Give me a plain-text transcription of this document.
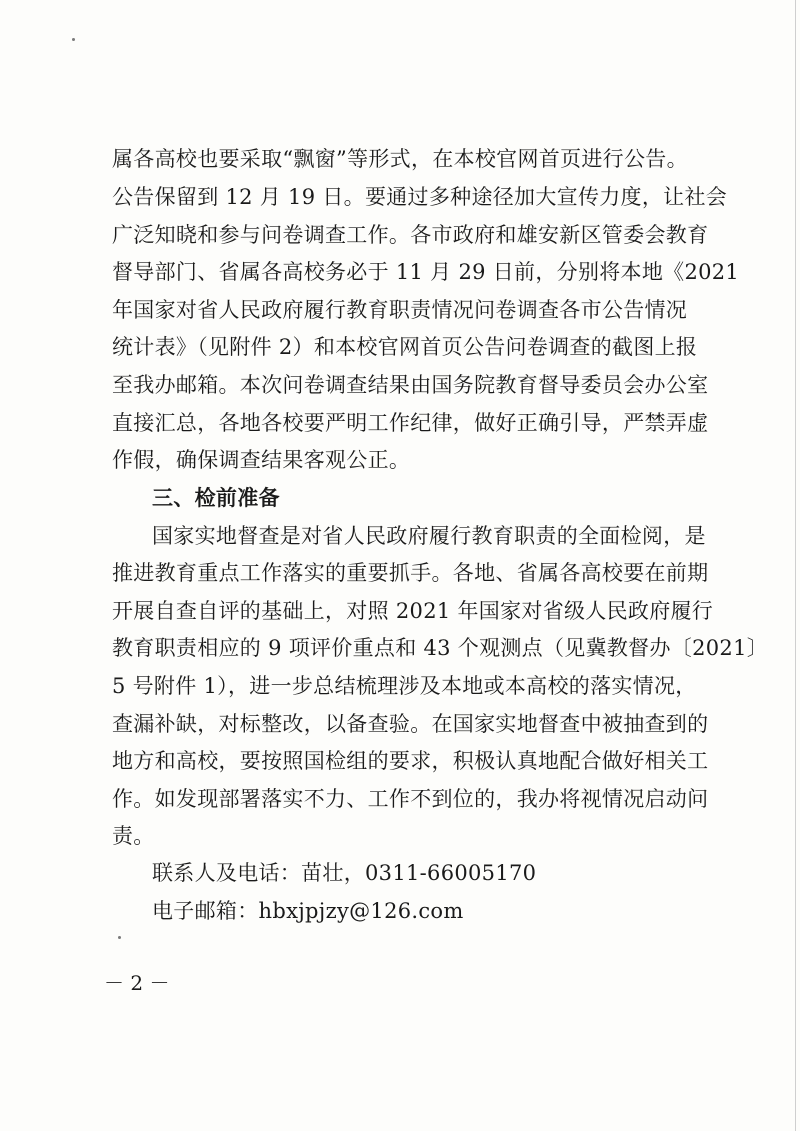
属各高校也要采取“飘窗”等形式，在本校官网首页进行公告。
公告保留到 12 月 19 日。要通过多种途径加大宣传力度，让社会
广泛知晓和参与问卷调查工作。各市政府和雄安新区管委会教育
督导部门、省属各高校务必于 11 月 29 日前，分别将本地《2021
年国家对省人民政府履行教育职责情况问卷调查各市公告情况
统计表》（见附件 2）和本校官网首页公告问卷调查的截图上报
至我办邮箱。本次问卷调查结果由国务院教育督导委员会办公室
直接汇总，各地各校要严明工作纪律，做好正确引导，严禁弄虚
作假，确保调查结果客观公正。
三、检前准备
国家实地督查是对省人民政府履行教育职责的全面检阅，是
推进教育重点工作落实的重要抓手。各地、省属各高校要在前期
开展自查自评的基础上，对照 2021 年国家对省级人民政府履行
教育职责相应的 9 项评价重点和 43 个观测点（见冀教督办〔2021〕
5 号附件 1），进一步总结梳理涉及本地或本高校的落实情况，
查漏补缺，对标整改，以备查验。在国家实地督查中被抽查到的
地方和高校，要按照国检组的要求，积极认真地配合做好相关工
作。如发现部署落实不力、工作不到位的，我办将视情况启动问
责。
联系人及电话：苗壮，0311-66005170
电子邮箱：hbxjpjzy@126.com
－ 2 －
